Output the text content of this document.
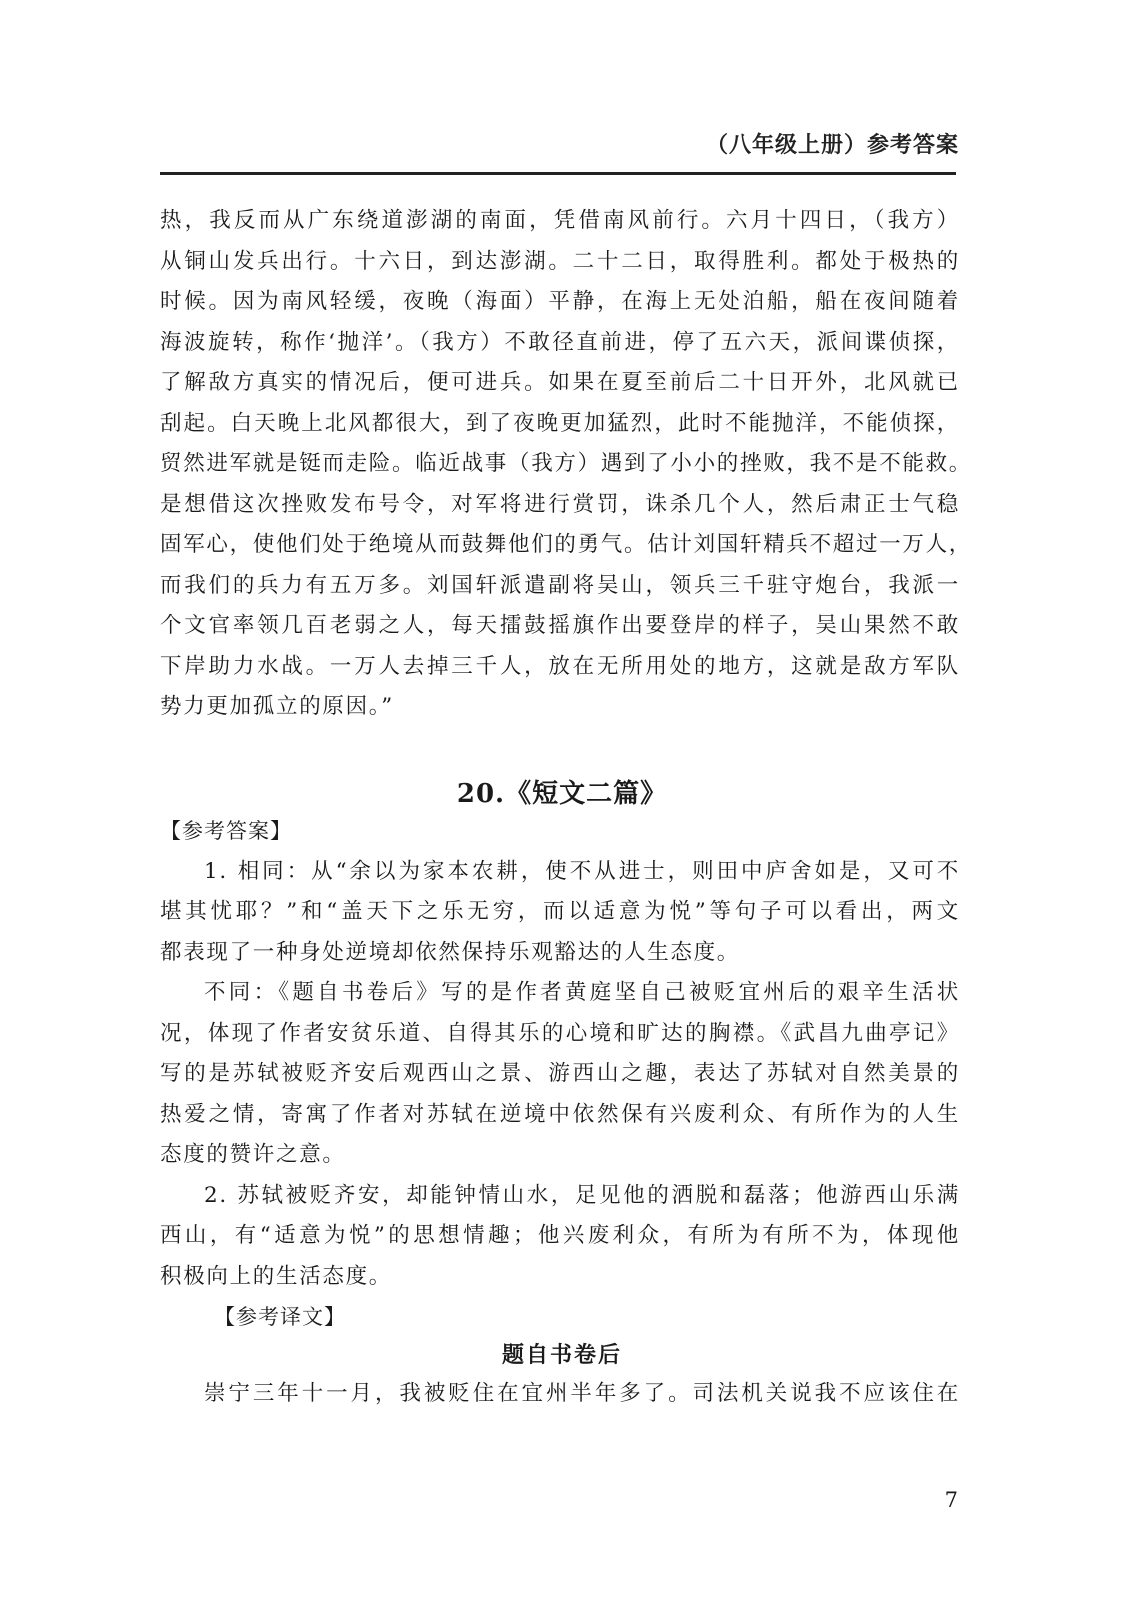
（八年级上册）参考答案
热，我反而从广东绕道澎湖的南面，凭借南风前行。六月十四日，（我方）
从铜山发兵出行。十六日，到达澎湖。二十二日，取得胜利。都处于极热的
时候。因为南风轻缓，夜晚（海面）平静，在海上无处泊船，船在夜间随着
海波旋转，称作‘抛洋’。（我方）不敢径直前进，停了五六天，派间谍侦探，
了解敌方真实的情况后，便可进兵。如果在夏至前后二十日开外，北风就已
刮起。白天晚上北风都很大，到了夜晚更加猛烈，此时不能抛洋，不能侦探，
贸然进军就是铤而走险。临近战事（我方）遇到了小小的挫败，我不是不能救。
是想借这次挫败发布号令，对军将进行赏罚，诛杀几个人，然后肃正士气稳
固军心，使他们处于绝境从而鼓舞他们的勇气。估计刘国轩精兵不超过一万人，
而我们的兵力有五万多。刘国轩派遣副将吴山，领兵三千驻守炮台，我派一
个文官率领几百老弱之人，每天擂鼓摇旗作出要登岸的样子，吴山果然不敢
下岸助力水战。一万人去掉三千人，放在无所用处的地方，这就是敌方军队
势力更加孤立的原因。”
20.《短文二篇》
【参考答案】
1. 相同：从“余以为家本农耕，使不从进士，则田中庐舍如是，又可不
堪其忧耶？”和“盖天下之乐无穷，而以适意为悦”等句子可以看出，两文
都表现了一种身处逆境却依然保持乐观豁达的人生态度。
不同：《题自书卷后》写的是作者黄庭坚自己被贬宜州后的艰辛生活状
况，体现了作者安贫乐道、自得其乐的心境和旷达的胸襟。《武昌九曲亭记》
写的是苏轼被贬齐安后观西山之景、游西山之趣，表达了苏轼对自然美景的
热爱之情，寄寓了作者对苏轼在逆境中依然保有兴废利众、有所作为的人生
态度的赞许之意。
2. 苏轼被贬齐安，却能钟情山水，足见他的洒脱和磊落；他游西山乐满
西山，有“适意为悦”的思想情趣；他兴废利众，有所为有所不为，体现他
积极向上的生活态度。
【参考译文】
题自书卷后
崇宁三年十一月，我被贬住在宜州半年多了。司法机关说我不应该住在
7
